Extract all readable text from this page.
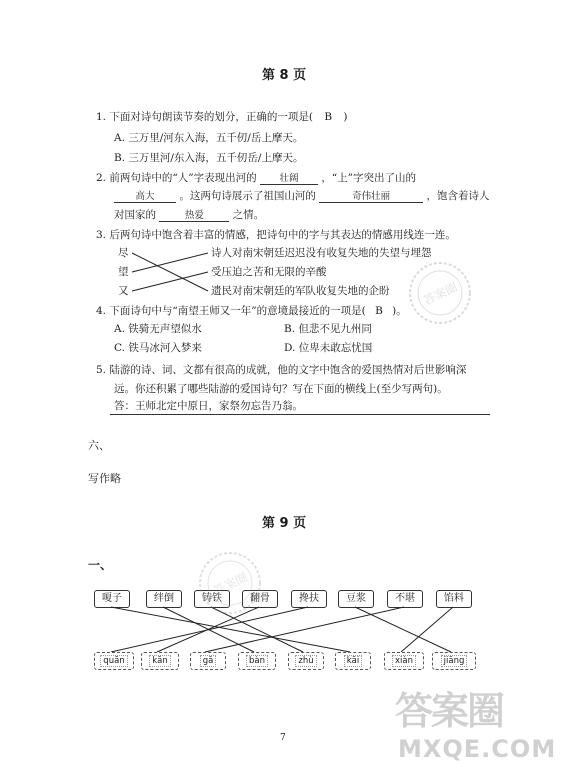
第 8 页
1. 下面对诗句朗读节奏的划分，正确的一项是( B )
A. 三万里/河东入海，五千仞/岳上摩天。
B. 三万里河/东入海，五千仞岳/上摩天。
2. 前两句诗中的“人”字表现出河的 壮阔 ，“上”字突出了山的
高大 。这两句诗展示了祖国山河的	奇伟壮丽	，饱含着诗人
对国家的	热爱	之情。
3. 后两句诗中饱含着丰富的情感，把诗句中的字与其表达的情感用线连一连。
尽
望
又
诗人对南宋朝廷迟迟没有收复失地的失望与埋怨
受压迫之苦和无限的辛酸
遗民对南宋朝廷的军队收复失地的企盼
4. 下面诗句中与“南望王师又一年”的意境最接近的一项是( B )。
A. 铁骑无声望似水	B. 但悲不见九州同
C. 铁马冰河入梦来	D. 位卑未敢忘忧国
5. 陆游的诗、词、文都有很高的成就，他的文字中饱含的爱国热情对后世影响深
远。你还积累了哪些陆游的爱国诗句？写在下面的横线上(至少写两句)。
答：王师北定中原日，家祭勿忘告乃翁。
六、
写作略
第 9 页
一、
嗄子	绊倒	铸铁	翻骨	搀扶	豆浆	不堪	馅料
quān	kān	gā	bàn	zhù	kāi	xiàn	jiāng
7
答案圈
答案圈
答案圈
MXQE.COM
